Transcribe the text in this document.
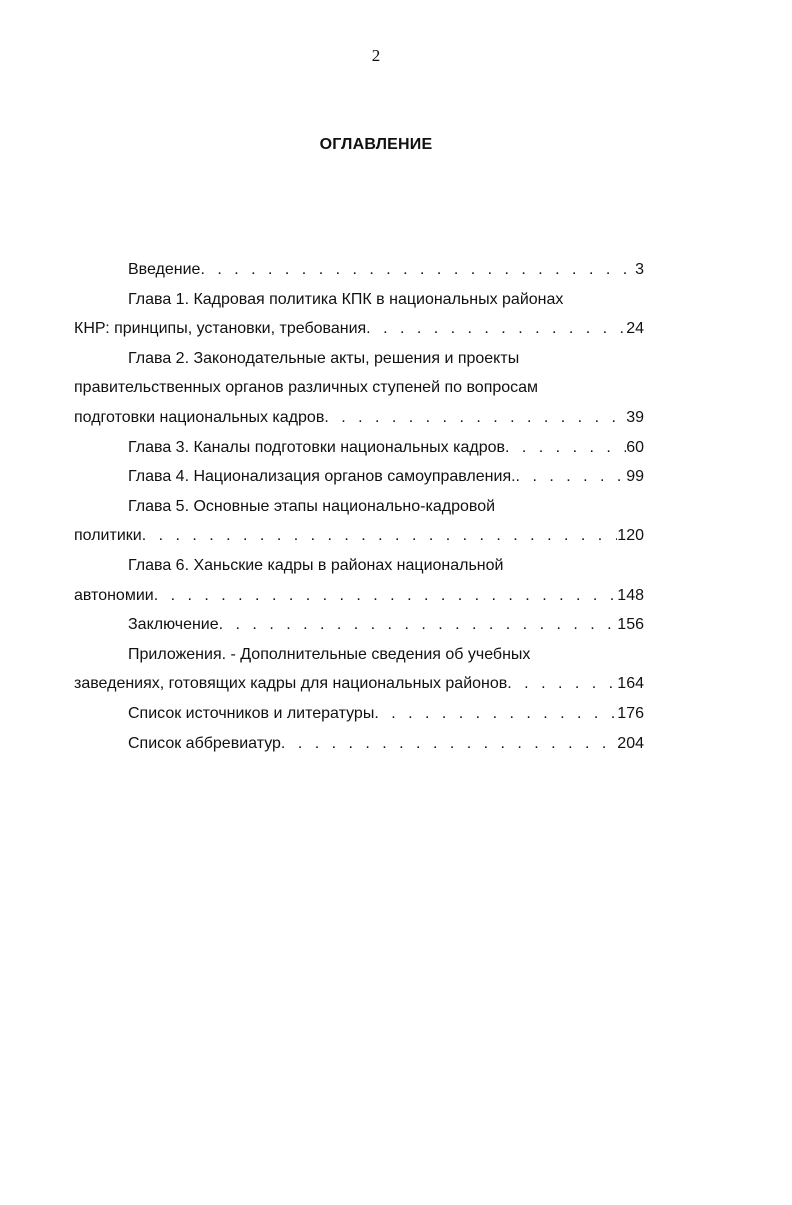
2
ОГЛАВЛЕНИЕ
Введение . . .	3
Глава 1. Кадровая политика КПК в национальных районах
КНР: принципы, установки, требования . . .	24
Глава 2. Законодательные акты, решения и проекты
правительственных органов различных ступеней по вопросам
подготовки национальных кадров . . .	39
Глава 3. Каналы подготовки национальных кадров . . .	60
Глава 4. Национализация органов самоуправления. . . .	99
Глава 5. Основные этапы национально-кадровой
политики . . .	120
Глава 6. Ханьские кадры в районах национальной
автономии . . .	148
Заключение . . .	156
Приложения. - Дополнительные сведения об учебных
заведениях, готовящих кадры для национальных районов . . .	164
Список источников и литературы . . .	176
Список аббревиатур . . .	204
